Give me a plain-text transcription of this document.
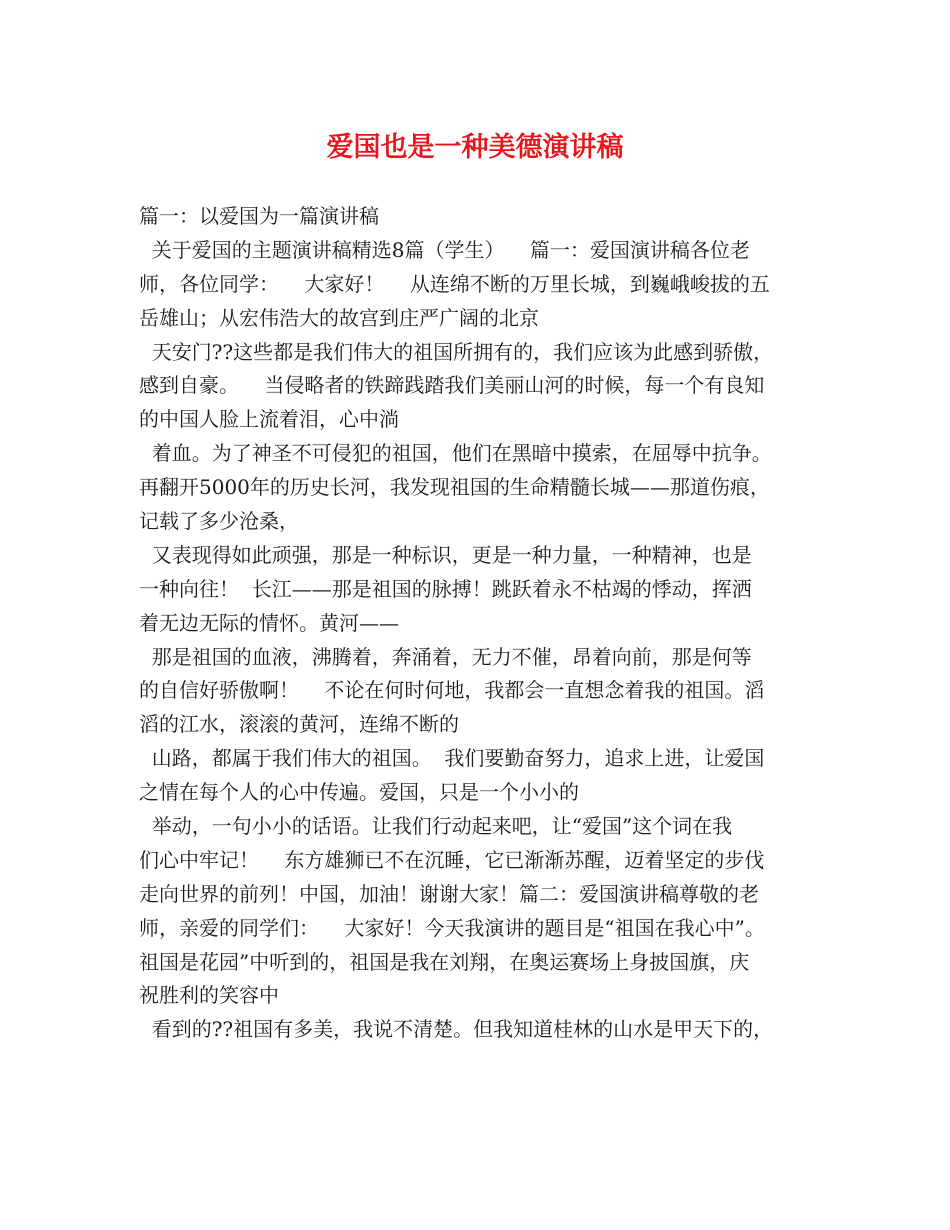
爱国也是一种美德演讲稿
篇一：以爱国为一篇演讲稿
关于爱国的主题演讲稿精选8篇（学生）    篇一：爱国演讲稿各位老
师，各位同学：    大家好！    从连绵不断的万里长城，到巍峨峻拔的五
岳雄山；从宏伟浩大的故宫到庄严广阔的北京
天安门??这些都是我们伟大的祖国所拥有的，我们应该为此感到骄傲，
感到自豪。    当侵略者的铁蹄践踏我们美丽山河的时候，每一个有良知
的中国人脸上流着泪，心中淌
着血。为了神圣不可侵犯的祖国，他们在黑暗中摸索，在屈辱中抗争。
再翻开5000年的历史长河，我发现祖国的生命精髓长城——那道伤痕，
记载了多少沧桑，
又表现得如此顽强，那是一种标识，更是一种力量，一种精神，也是
一种向往！  长江——那是祖国的脉搏！跳跃着永不枯竭的悸动，挥洒
着无边无际的情怀。黄河——
那是祖国的血液，沸腾着，奔涌着，无力不催，昂着向前，那是何等
的自信好骄傲啊！    不论在何时何地，我都会一直想念着我的祖国。滔
滔的江水，滚滚的黄河，连绵不断的
山路，都属于我们伟大的祖国。  我们要勤奋努力，追求上进，让爱国
之情在每个人的心中传遍。爱国，只是一个小小的
举动，一句小小的话语。让我们行动起来吧，让“爱国”这个词在我
们心中牢记！    东方雄狮已不在沉睡，它已渐渐苏醒，迈着坚定的步伐
走向世界的前列！中国，加油！谢谢大家！篇二：爱国演讲稿尊敬的老
师，亲爱的同学们：    大家好！今天我演讲的题目是“祖国在我心中”。
祖国是花园”中听到的，祖国是我在刘翔，在奥运赛场上身披国旗，庆
祝胜利的笑容中
看到的??祖国有多美，我说不清楚。但我知道桂林的山水是甲天下的，
